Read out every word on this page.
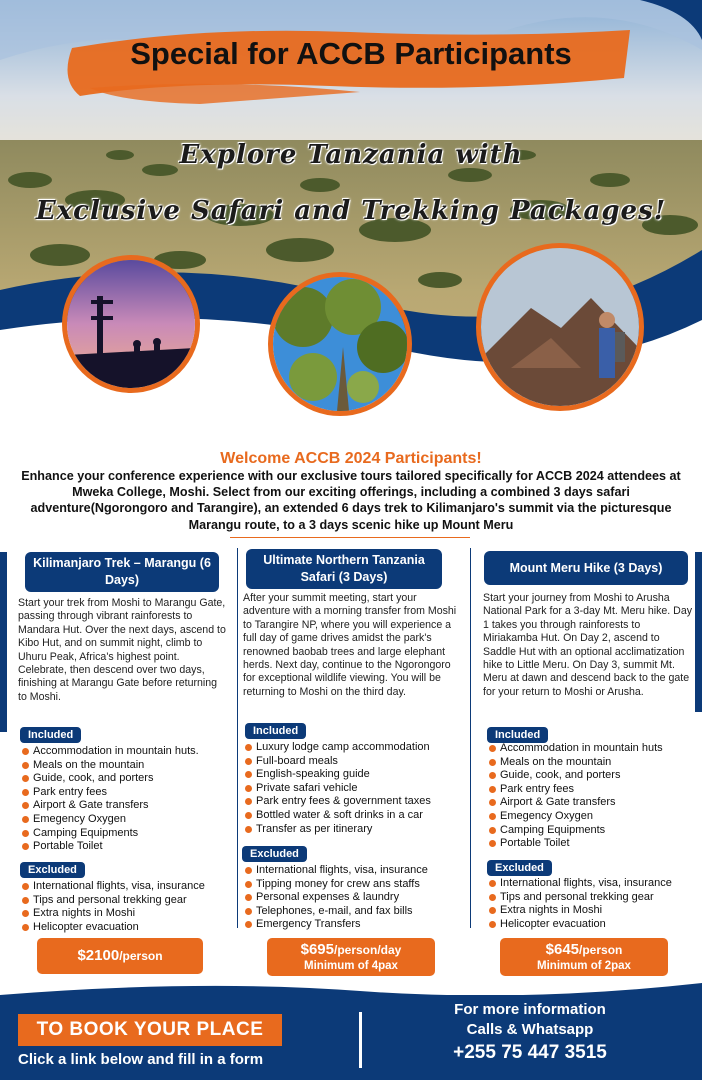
Special for ACCB Participants
Explore Tanzania with
Exclusive Safari and Trekking Packages!
Welcome ACCB 2024 Participants!
Enhance your conference experience with our exclusive tours tailored specifically for ACCB 2024 attendees at Mweka College, Moshi. Select from our exciting offerings, including a combined 3 days safari adventure(Ngorongoro and Tarangire), an extended 6 days trek to Kilimanjaro's summit via the picturesque Marangu route, to a 3 days scenic hike up Mount Meru
Kilimanjaro Trek – Marangu (6 Days)
Start your trek from Moshi to Marangu Gate, passing through vibrant rainforests to Mandara Hut. Over the next days, ascend to Kibo Hut, and on summit night, climb to Uhuru Peak, Africa's highest point. Celebrate, then descend over two days, finishing at Marangu Gate before returning to Moshi.
Included
Accommodation in mountain huts.
Meals on the mountain
Guide, cook, and porters
Park entry fees
Airport & Gate transfers
Emegency Oxygen
Camping Equipments
Portable Toilet
Excluded
International flights, visa, insurance
Tips and personal trekking gear
Extra nights in Moshi
Helicopter evacuation
$2100/person
Ultimate Northern Tanzania Safari (3 Days)
After your summit meeting, start your adventure with a morning transfer from Moshi to Tarangire NP, where you will experience a full day of game drives amidst the park's renowned baobab trees and large elephant herds. Next day, continue to the Ngorongoro for exceptional wildlife viewing. You will be returning to Moshi on the third day.
Included
Luxury lodge camp accommodation
Full-board meals
English-speaking guide
Private safari vehicle
Park entry fees & government taxes
Bottled water & soft drinks in a car
Transfer as per itinerary
Excluded
International flights, visa, insurance
Tipping money for crew ans staffs
Personal expenses & laundry
Telephones, e-mail, and fax bills
Emergency Transfers
$695/person/day
Minimum of 4pax
Mount Meru Hike (3 Days)
Start your journey from Moshi to Arusha National Park for a 3-day Mt. Meru hike. Day 1 takes you through rainforests to Miriakamba Hut. On Day 2, ascend to Saddle Hut with an optional acclimatization hike to Little Meru. On Day 3, summit Mt. Meru at dawn and descend back to the gate for your return to Moshi or Arusha.
Included
Accommodation in mountain huts
Meals on the mountain
Guide, cook, and porters
Park entry fees
Airport & Gate transfers
Emegency Oxygen
Camping Equipments
Portable Toilet
Excluded
International flights, visa, insurance
Tips and personal trekking gear
Extra nights in Moshi
Helicopter evacuation
$645/person
Minimum of 2pax
TO BOOK YOUR PLACE
Click a link below and fill in a form
For more information
Calls & Whatsapp
+255 75 447 3515
